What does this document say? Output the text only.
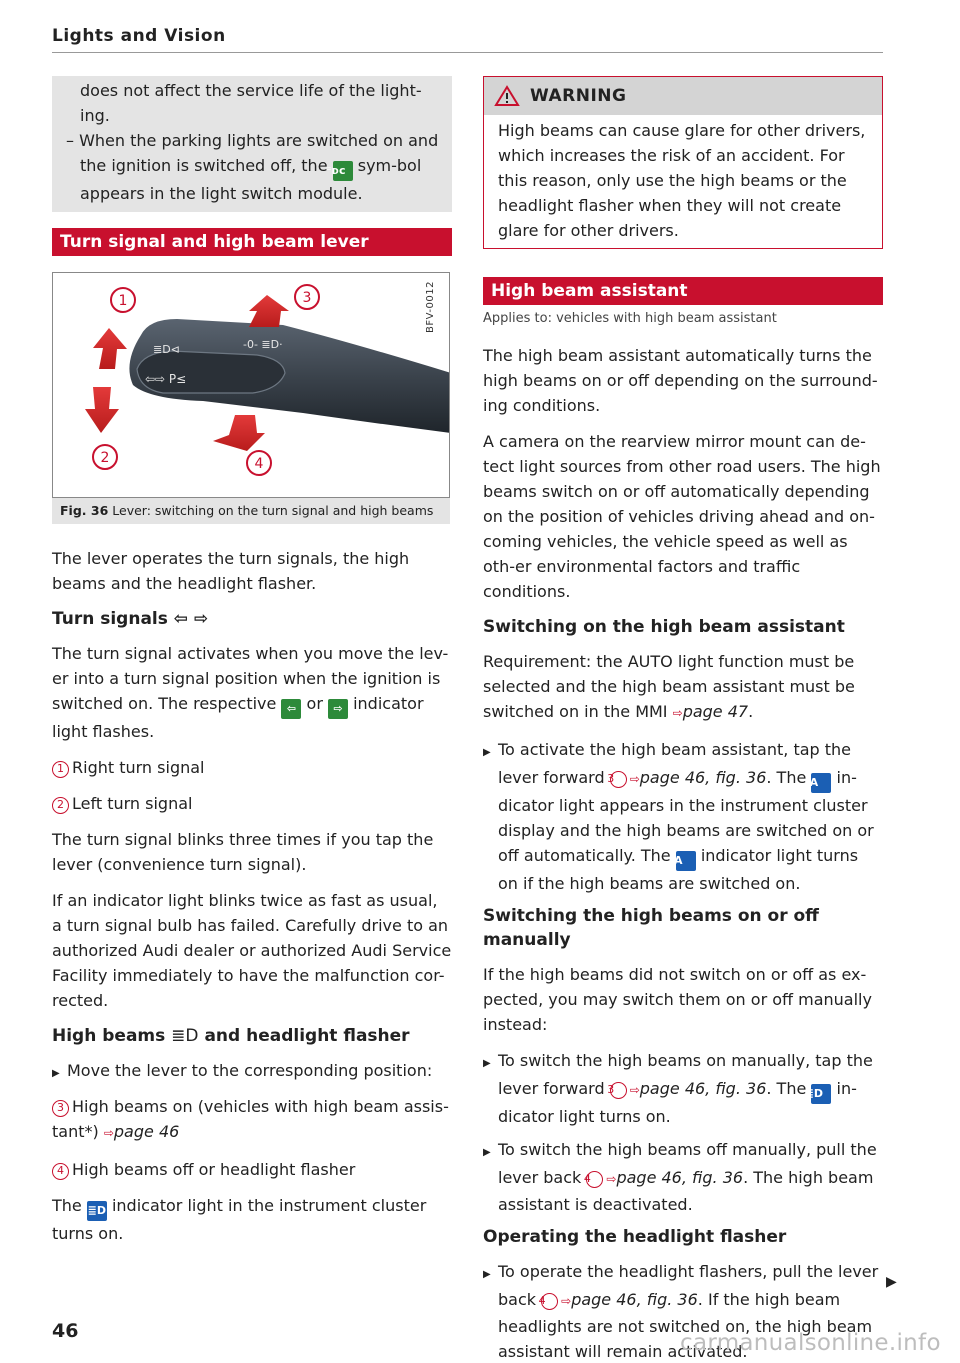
Lights and Vision

does not affect the service life of the light-ing.

– When the parking lights are switched on and the ignition is switched off, the ⁼ᴅᴄ sym-bol appears in the light switch module.

Turn signal and high beam lever
≣D⊲	-0- ≣D·
⇦⇨ P≤
1
2
3
4
BFV-0012
Fig. 36 Lever: switching on the turn signal and high beams

The lever operates the turn signals, the high beams and the headlight flasher.

Turn signals ⇦ ⇨

The turn signal activates when you move the lev-er into a turn signal position when the ignition is switched on. The respective ⇦ or ⇨ indicator light flashes.

1 Right turn signal

2 Left turn signal

The turn signal blinks three times if you tap the lever (convenience turn signal).

If an indicator light blinks twice as fast as usual, a turn signal bulb has failed. Carefully drive to an authorized Audi dealer or authorized Audi Service Facility immediately to have the malfunction cor-rected.

High beams ≣D and headlight flasher

▶ Move the lever to the corresponding position:

3 High beams on (vehicles with high beam assis-tant*) ⇨page 46

4 High beams off or headlight flasher

The ≣D indicator light in the instrument cluster turns on.

WARNING
High beams can cause glare for other drivers, which increases the risk of an accident. For this reason, only use the high beams or the headlight flasher when they will not create glare for other drivers.
High beam assistant
Applies to: vehicles with high beam assistant

The high beam assistant automatically turns the high beams on or off depending on the surround-ing conditions.

A camera on the rearview mirror mount can de-tect light sources from other road users. The high beams switch on or off automatically depending on the position of vehicles driving ahead and on-coming vehicles, the vehicle speed as well as oth-er environmental factors and traffic conditions.

Switching on the high beam assistant

Requirement: the AUTO light function must be selected and the high beam assistant must be switched on in the MMI ⇨page 47.

▶ To activate the high beam assistant, tap the lever forward 3 ⇨page 46, fig. 36. The A in-dicator light appears in the instrument cluster display and the high beams are switched on or off automatically. The A indicator light turns on if the high beams are switched on.

Switching the high beams on or off manually

If the high beams did not switch on or off as ex-pected, you may switch them on or off manually instead:

▶ To switch the high beams on manually, tap the lever forward 3 ⇨page 46, fig. 36. The ≣D in-dicator light turns on.

▶ To switch the high beams off manually, pull the lever back 4 ⇨page 46, fig. 36. The high beam assistant is deactivated.

Operating the headlight flasher

▶ To operate the headlight flashers, pull the lever back 4 ⇨page 46, fig. 36. If the high beam headlights are not switched on, the high beam assistant will remain activated.

▶
46	carmanualsonline.info
